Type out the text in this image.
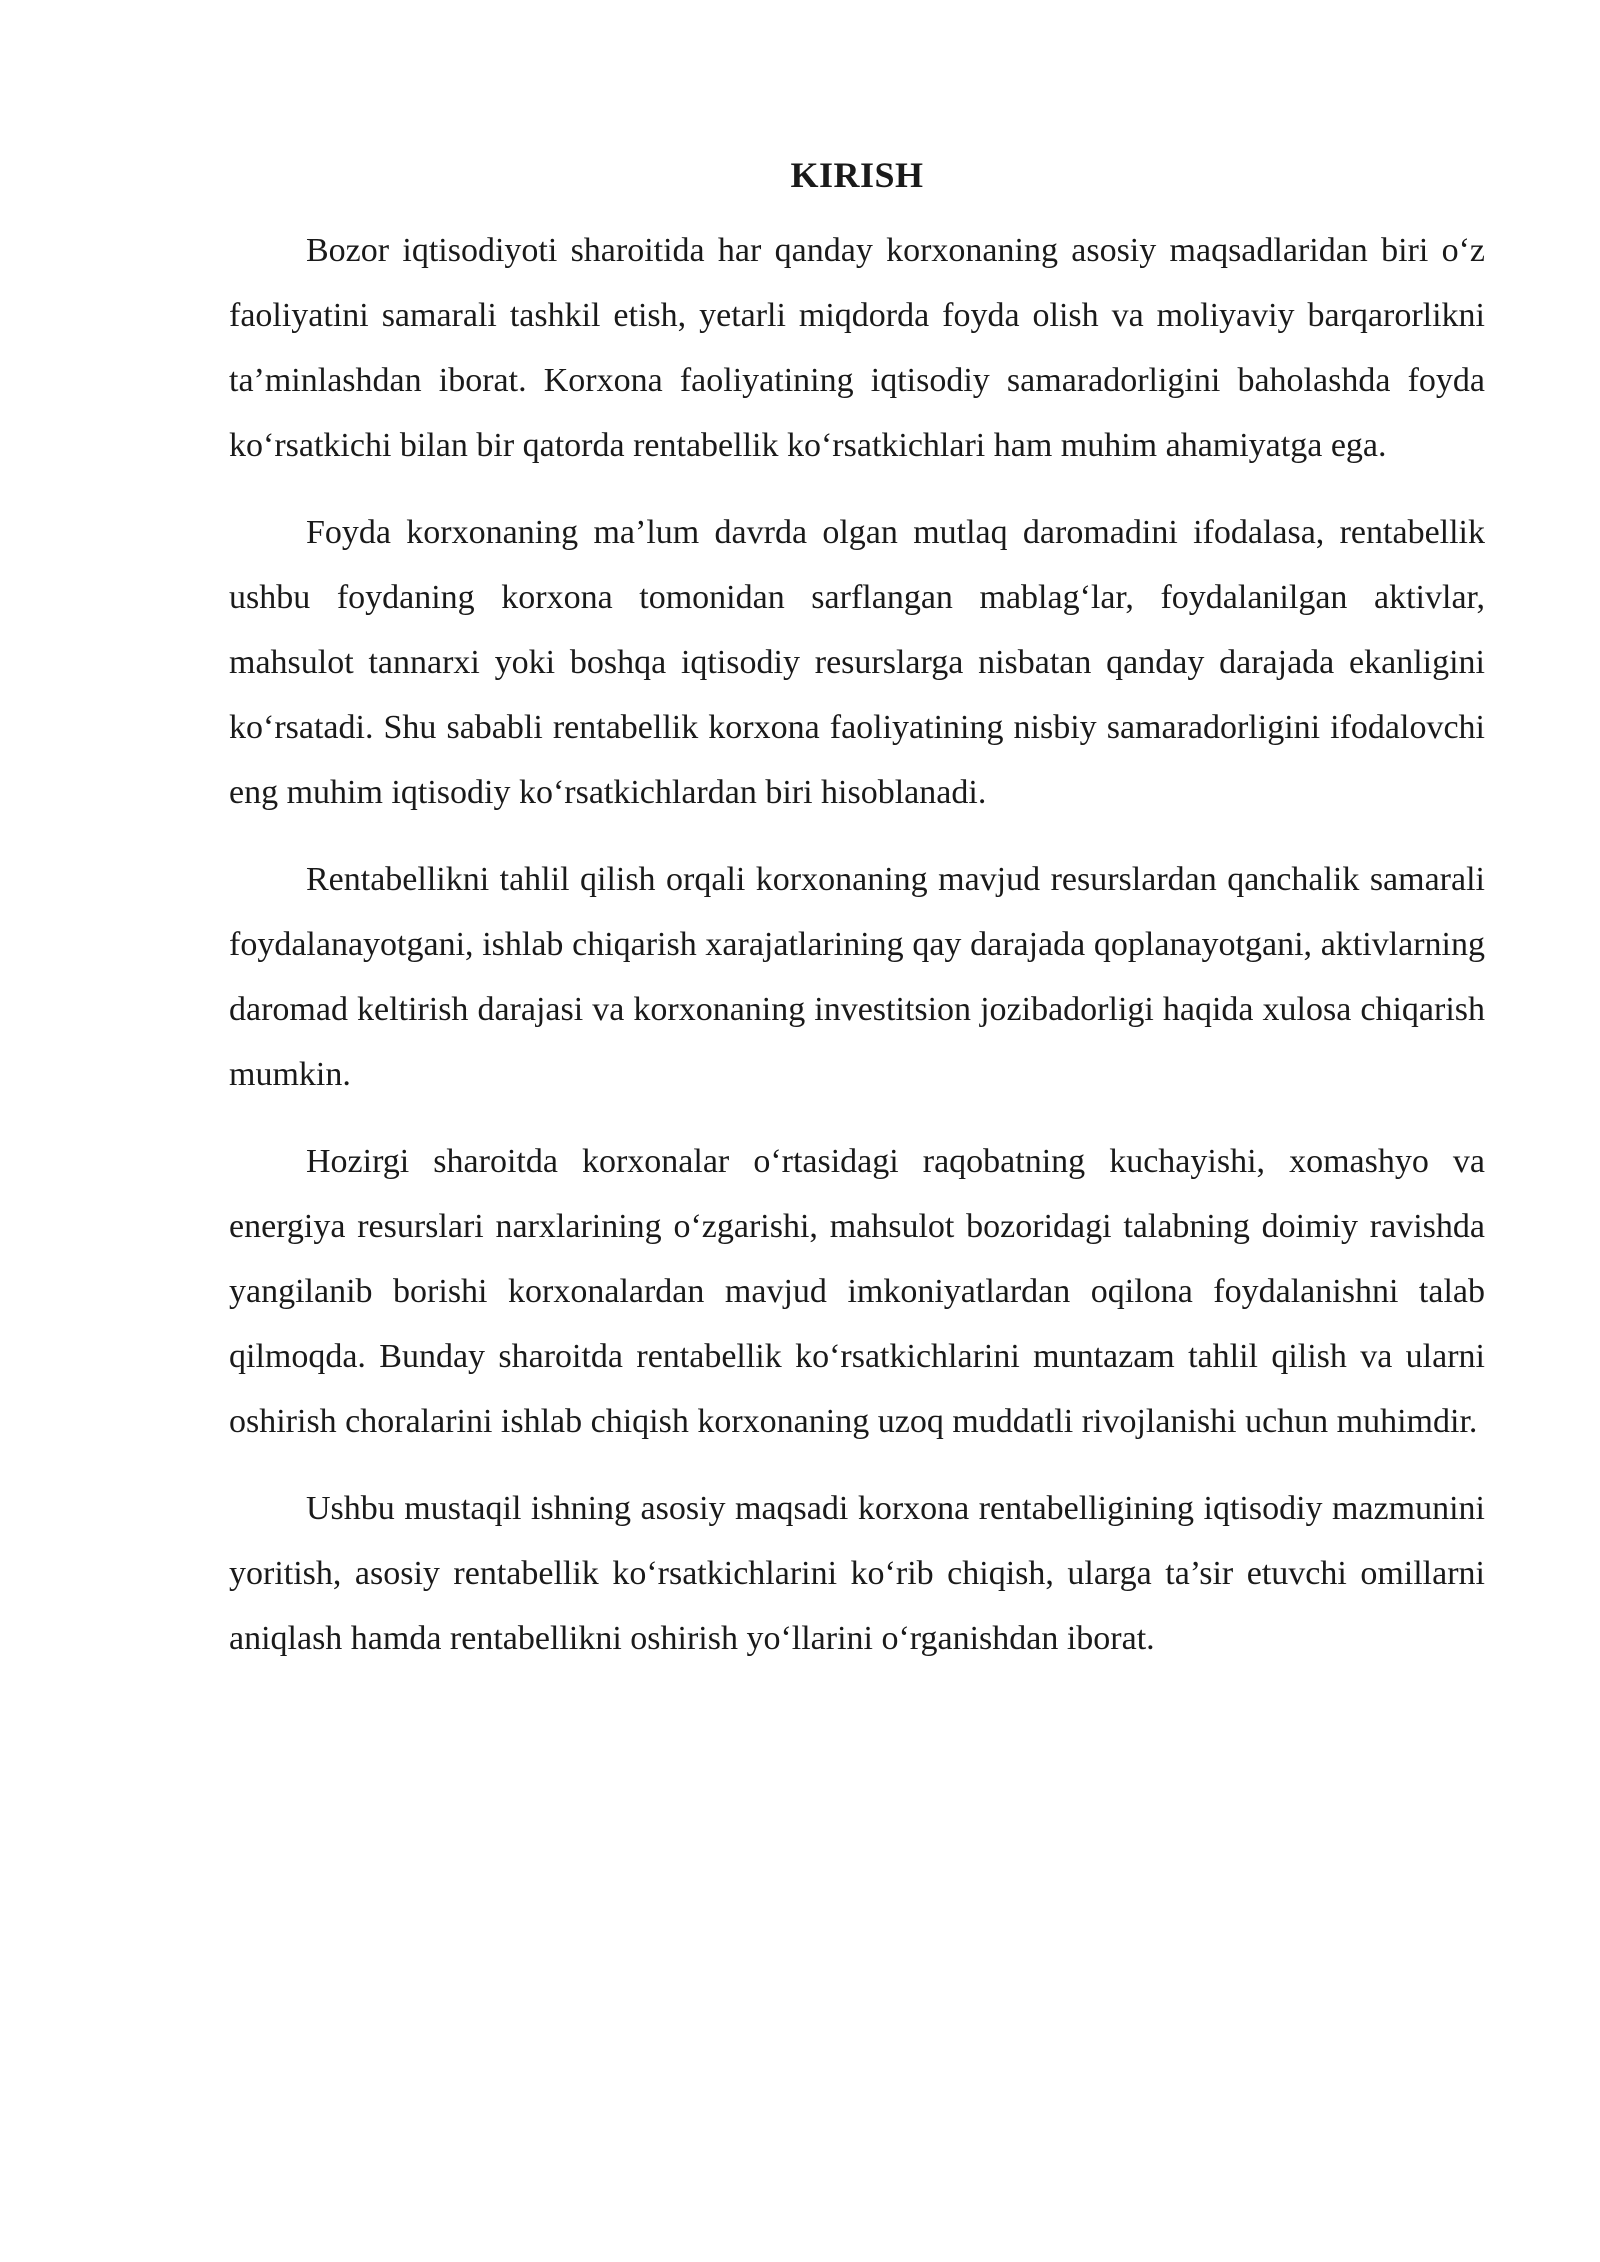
KIRISH

Bozor iqtisodiyoti sharoitida har qanday korxonaning asosiy maqsadlaridan biri o‘z faoliyatini samarali tashkil etish, yetarli miqdorda foyda olish va moliyaviy barqarorlikni ta’minlashdan iborat. Korxona faoliyatining iqtisodiy samaradorligini baholashda foyda ko‘rsatkichi bilan bir qatorda rentabellik ko‘rsatkichlari ham muhim ahamiyatga ega.

Foyda korxonaning ma’lum davrda olgan mutlaq daromadini ifodalasa, rentabellik ushbu foydaning korxona tomonidan sarflangan mablag‘lar, foydalanilgan aktivlar, mahsulot tannarxi yoki boshqa iqtisodiy resurslarga nisbatan qanday darajada ekanligini ko‘rsatadi. Shu sababli rentabellik korxona faoliyatining nisbiy samaradorligini ifodalovchi eng muhim iqtisodiy ko‘rsatkichlardan biri hisoblanadi.

Rentabellikni tahlil qilish orqali korxonaning mavjud resurslardan qanchalik samarali foydalanayotgani, ishlab chiqarish xarajatlarining qay darajada qoplanayotgani, aktivlarning daromad keltirish darajasi va korxonaning investitsion jozibadorligi haqida xulosa chiqarish mumkin.

Hozirgi sharoitda korxonalar o‘rtasidagi raqobatning kuchayishi, xomashyo va energiya resurslari narxlarining o‘zgarishi, mahsulot bozoridagi talabning doimiy ravishda yangilanib borishi korxonalardan mavjud imkoniyatlardan oqilona foydalanishni talab qilmoqda. Bunday sharoitda rentabellik ko‘rsatkichlarini muntazam tahlil qilish va ularni oshirish choralarini ishlab chiqish korxonaning uzoq muddatli rivojlanishi uchun muhimdir.

Ushbu mustaqil ishning asosiy maqsadi korxona rentabelligining iqtisodiy mazmunini yoritish, asosiy rentabellik ko‘rsatkichlarini ko‘rib chiqish, ularga ta’sir etuvchi omillarni aniqlash hamda rentabellikni oshirish yo‘llarini o‘rganishdan iborat.
